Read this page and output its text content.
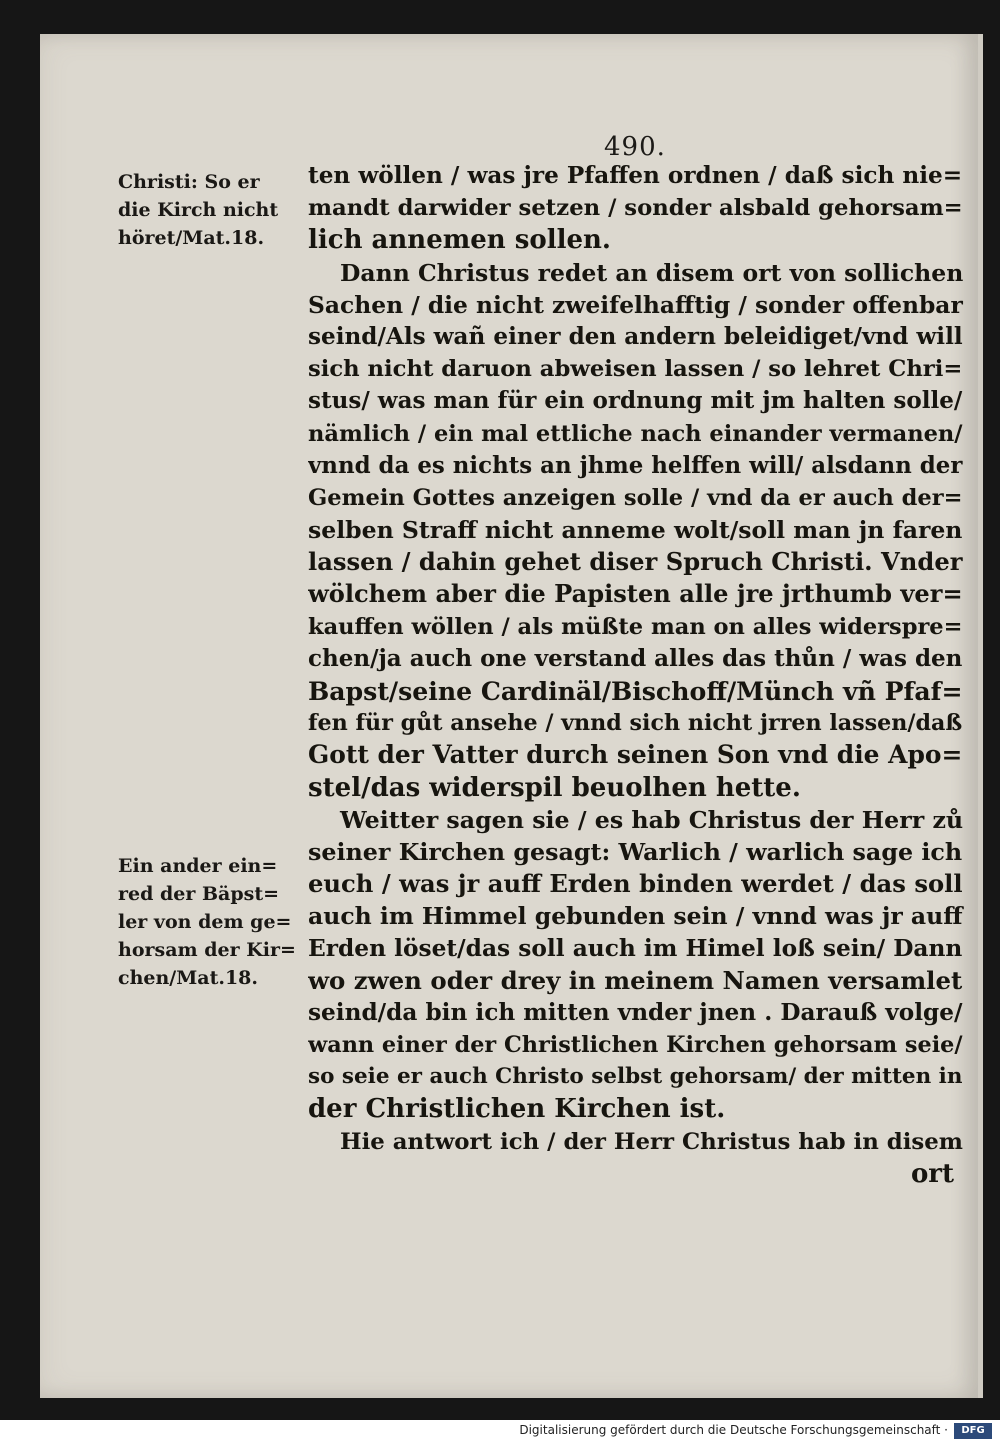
490.
Christi: So er
die Kirch nicht
höret/Mat.18.
Ein ander ein=
red der Bäpst=
ler von dem ge=
horsam der Kir=
chen/Mat.18.
ten wöllen / was jre Pfaffen ordnen / daß sich nie=
mandt darwider setzen / sonder alsbald gehorsam=
lich annemen sollen.
Dann Christus redet an disem ort von sollichen
Sachen / die nicht zweifelhafftig / sonder offenbar
seind/Als wañ einer den andern beleidiget/vnd will
sich nicht daruon abweisen lassen / so lehret Chri=
stus/ was man für ein ordnung mit jm halten solle/
nämlich / ein mal ettliche nach einander vermanen/
vnnd da es nichts an jhme helffen will/ alsdann der
Gemein Gottes anzeigen solle / vnd da er auch der=
selben Straff nicht anneme wolt/soll man jn faren
lassen / dahin gehet diser Spruch Christi. Vnder
wölchem aber die Papisten alle jre jrthumb ver=
kauffen wöllen / als müßte man on alles widerspre=
chen/ja auch one verstand alles das thůn / was den
Bapst/seine Cardinäl/Bischoff/Münch vñ Pfaf=
fen für gůt ansehe / vnnd sich nicht jrren lassen/daß
Gott der Vatter durch seinen Son vnd die Apo=
stel/das widerspil beuolhen hette.
Weitter sagen sie / es hab Christus der Herr zů
seiner Kirchen gesagt: Warlich / warlich sage ich
euch / was jr auff Erden binden werdet / das soll
auch im Himmel gebunden sein / vnnd was jr auff
Erden löset/das soll auch im Himel loß sein/ Dann
wo zwen oder drey in meinem Namen versamlet
seind/da bin ich mitten vnder jnen . Darauß volge/
wann einer der Christlichen Kirchen gehorsam seie/
so seie er auch Christo selbst gehorsam/ der mitten in
der Christlichen Kirchen ist.
Hie antwort ich / der Herr Christus hab in disem
ort
Digitalisierung gefördert durch die Deutsche Forschungsgemeinschaft ·	DFG
